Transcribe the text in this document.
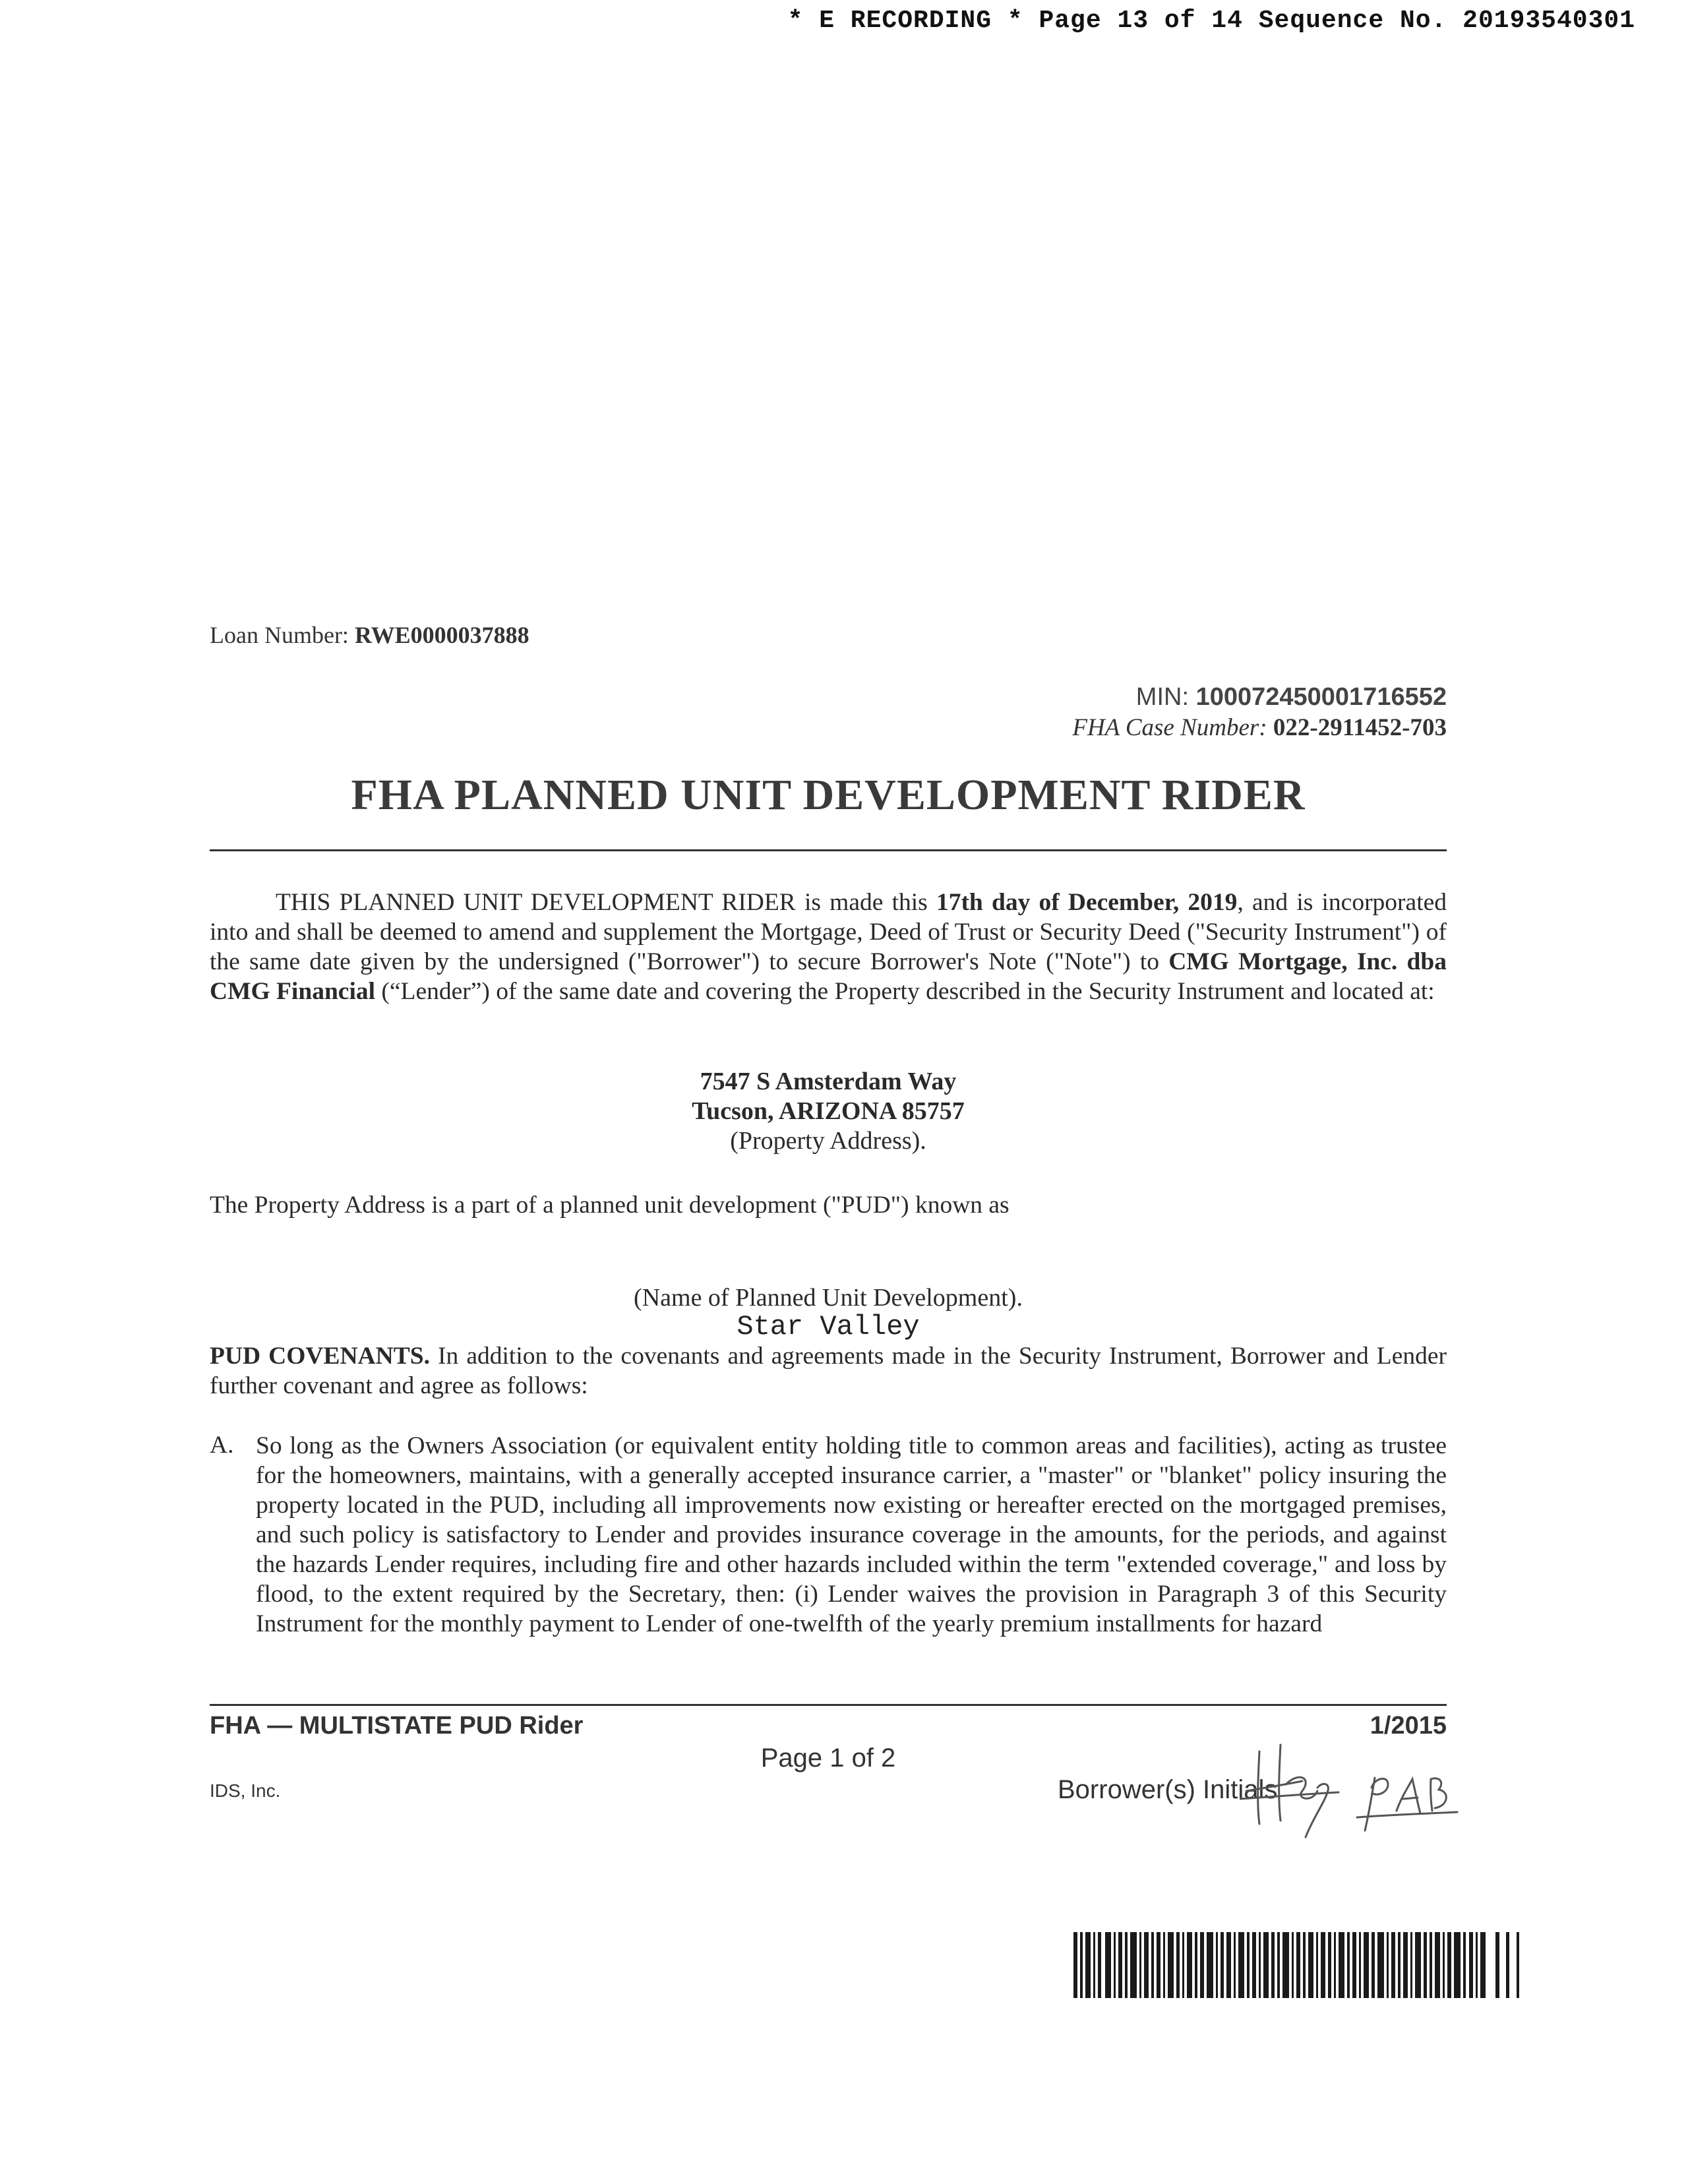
* E RECORDING * Page 13 of 14 Sequence No. 20193540301
Loan Number: RWE0000037888
MIN: 100072450001716552
FHA Case Number: 022-2911452-703
FHA PLANNED UNIT DEVELOPMENT RIDER
THIS PLANNED UNIT DEVELOPMENT RIDER is made this 17th day of December, 2019, and is incorporated into and shall be deemed to amend and supplement the Mortgage, Deed of Trust or Security Deed ("Security Instrument") of the same date given by the undersigned ("Borrower") to secure Borrower's Note ("Note") to CMG Mortgage, Inc. dba CMG Financial (“Lender”) of the same date and covering the Property described in the Security Instrument and located at:
7547 S Amsterdam Way
Tucson, ARIZONA 85757
(Property Address).
The Property Address is a part of a planned unit development ("PUD") known as
(Name of Planned Unit Development).
Star Valley
PUD COVENANTS. In addition to the covenants and agreements made in the Security Instrument, Borrower and Lender further covenant and agree as follows:
A. So long as the Owners Association (or equivalent entity holding title to common areas and facilities), acting as trustee for the homeowners, maintains, with a generally accepted insurance carrier, a "master" or "blanket" policy insuring the property located in the PUD, including all improvements now existing or hereafter erected on the mortgaged premises, and such policy is satisfactory to Lender and provides insurance coverage in the amounts, for the periods, and against the hazards Lender requires, including fire and other hazards included within the term "extended coverage," and loss by flood, to the extent required by the Secretary, then: (i) Lender waives the provision in Paragraph 3 of this Security Instrument for the monthly payment to Lender of one-twelfth of the yearly premium installments for hazard
FHA — MULTISTATE PUD Rider	1/2015
Page 1 of 2
IDS, Inc.	Borrower(s) Initials
